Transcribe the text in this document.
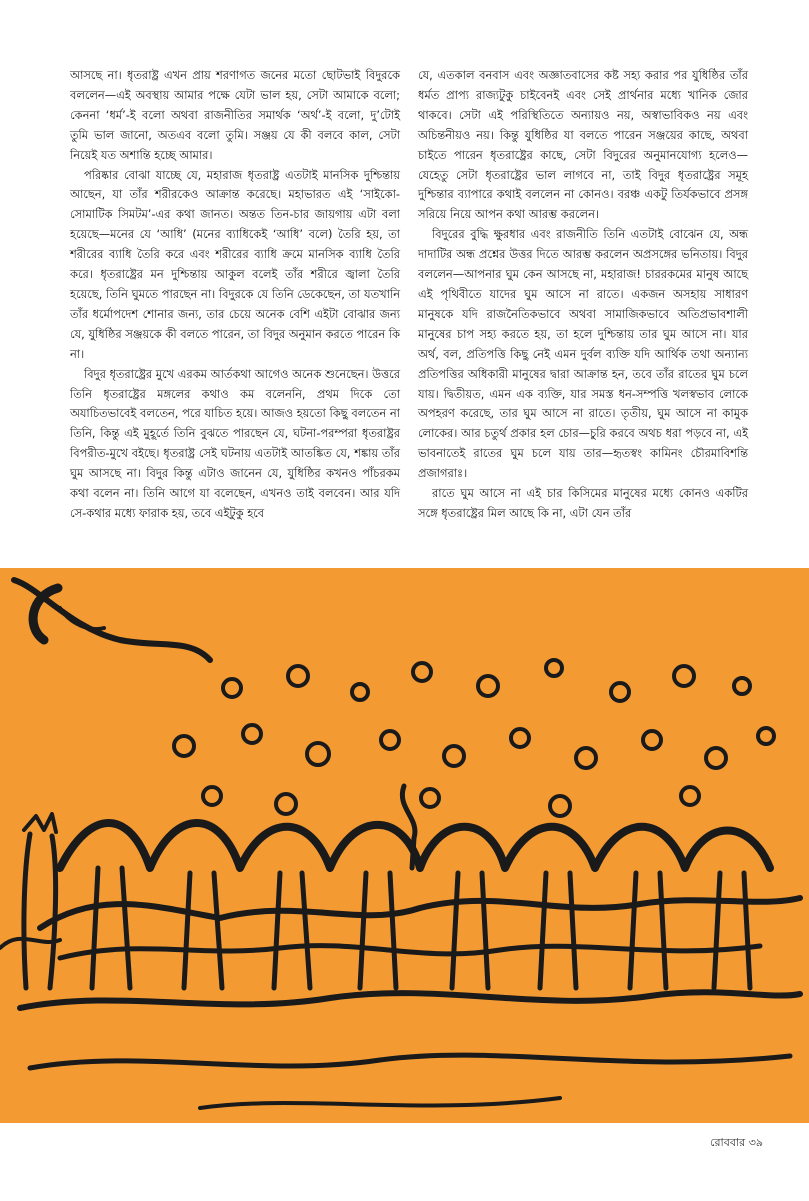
আসছে না। ধৃতরাষ্ট্র এখন প্রায় শরণাগত জনের মতো ছোটভাই বিদুরকে বললেন—এই অবস্থায় আমার পক্ষে যেটা ভাল হয়, সেটা আমাকে বলো; কেননা ‘ধর্ম’-ই বলো অথবা রাজনীতির সমার্থক ‘অর্থ’-ই বলো, দু’টোই তুমি ভাল জানো, অতএব বলো তুমি। সঞ্জয় যে কী বলবে কাল, সেটা নিয়েই যত অশান্তি হচ্ছে আমার।

পরিষ্কার বোঝা যাচ্ছে যে, মহারাজ ধৃতরাষ্ট্র এতটাই মানসিক দুশ্চিন্তায় আছেন, যা তাঁর শরীরকেও আক্রান্ত করেছে। মহাভারত এই ‘সাইকো-সোমাটিক সিমটম’-এর কথা জানত। অন্তত তিন-চার জায়গায় এটা বলা হয়েছে—মনের যে ‘আধি’ (মনের ব্যাধিকেই ‘আধি’ বলে) তৈরি হয়, তা শরীরের ব্যাধি তৈরি করে এবং শরীরের ব্যাধি ক্রমে মানসিক ব্যাধি তৈরি করে। ধৃতরাষ্ট্রের মন দুশ্চিন্তায় আকুল বলেই তাঁর শরীরে জ্বালা তৈরি হয়েছে, তিনি ঘুমতে পারছেন না। বিদুরকে যে তিনি ডেকেছেন, তা যতখানি তাঁর ধর্মোপদেশ শোনার জন্য, তার চেয়ে অনেক বেশি এইটা বোঝার জন্য যে, যুধিষ্ঠির সঞ্জয়কে কী বলতে পারেন, তা বিদুর অনুমান করতে পারেন কি না।

বিদুর ধৃতরাষ্ট্রের মুখে এরকম আর্তকথা আগেও অনেক শুনেছেন। উত্তরে তিনি ধৃতরাষ্ট্রের মঙ্গলের কথাও কম বলেননি, প্রথম দিকে তো অযাচিতভাবেই বলতেন, পরে যাচিত হয়ে। আজও হয়তো কিছু বলতেন না তিনি, কিন্তু এই মুহূর্তে তিনি বুঝতে পারছেন যে, ঘটনা-পরম্পরা ধৃতরাষ্ট্রর বিপরীত-মুখে বইছে। ধৃতরাষ্ট্র সেই ঘটনায় এতটাই আতঙ্কিত যে, শঙ্কায় তাঁর ঘুম আসছে না। বিদুর কিন্তু এটাও জানেন যে, যুধিষ্ঠির কখনও পাঁচরকম কথা বলেন না। তিনি আগে যা বলেছেন, এখনও তাই বলবেন। আর যদি সে-কথার মধ্যে ফারাক হয়, তবে এইটুকু হবে

যে, এতকাল বনবাস এবং অজ্ঞাতবাসের কষ্ট সহ্য করার পর যুধিষ্ঠির তাঁর ধর্মত প্রাপ্য রাজ্যটুকু চাইবেনই এবং সেই প্রার্থনার মধ্যে খানিক জোর থাকবে। সেটা এই পরিস্থিতিতে অন্যায়ও নয়, অস্বাভাবিকও নয় এবং অচিন্তনীয়ও নয়। কিন্তু যুধিষ্ঠির যা বলতে পারেন সঞ্জয়ের কাছে, অথবা চাইতে পারেন ধৃতরাষ্ট্রের কাছে, সেটা বিদুরের অনুমানযোগ্য হলেও—যেহেতু সেটা ধৃতরাষ্ট্রের ভাল লাগবে না, তাই বিদুর ধৃতরাষ্ট্রের সমূহ দুশ্চিন্তার ব্যাপারে কথাই বললেন না কোনও। বরঞ্চ একটু তির্যকভাবে প্রসঙ্গ সরিয়ে নিয়ে আপন কথা আরম্ভ করলেন।

বিদুরের বুদ্ধি ক্ষুরধার এবং রাজনীতি তিনি এতটাই বোঝেন যে, অন্ধ দাদাটির অন্ধ প্রশ্নের উত্তর দিতে আরম্ভ করলেন অপ্রসঙ্গের ভনিতায়। বিদুর বললেন—আপনার ঘুম কেন আসছে না, মহারাজ! চাররকমের মানুষ আছে এই পৃথিবীতে যাদের ঘুম আসে না রাতে। একজন অসহায় সাধারণ মানুষকে যদি রাজনৈতিকভাবে অথবা সামাজিকভাবে অতিপ্রভাবশালী মানুষের চাপ সহ্য করতে হয়, তা হলে দুশ্চিন্তায় তার ঘুম আসে না। যার অর্থ, বল, প্রতিপত্তি কিছু নেই এমন দুর্বল ব্যক্তি যদি আর্থিক তথা অন্যান্য প্রতিপত্তির অধিকারী মানুষের দ্বারা আক্রান্ত হন, তবে তাঁর রাতের ঘুম চলে যায়। দ্বিতীয়ত, এমন এক ব্যক্তি, যার সমস্ত ধন-সম্পত্তি খলস্বভাব লোকে অপহরণ করেছে, তার ঘুম আসে না রাতে। তৃতীয়, ঘুম আসে না কামুক লোকের। আর চতুর্থ প্রকার হল চোর—চুরি করবে অথচ ধরা পড়বে না, এই ভাবনাতেই রাতের ঘুম চলে যায় তার—হৃতস্বং কামিনং চৌরমাবিশন্তি প্রজাগরাঃ।

রাতে ঘুম আসে না এই চার কিসিমের মানুষের মধ্যে কোনও একটির সঙ্গে ধৃতরাষ্ট্রের মিল আছে কি না, এটা যেন তাঁর

রোববার ৩৯
